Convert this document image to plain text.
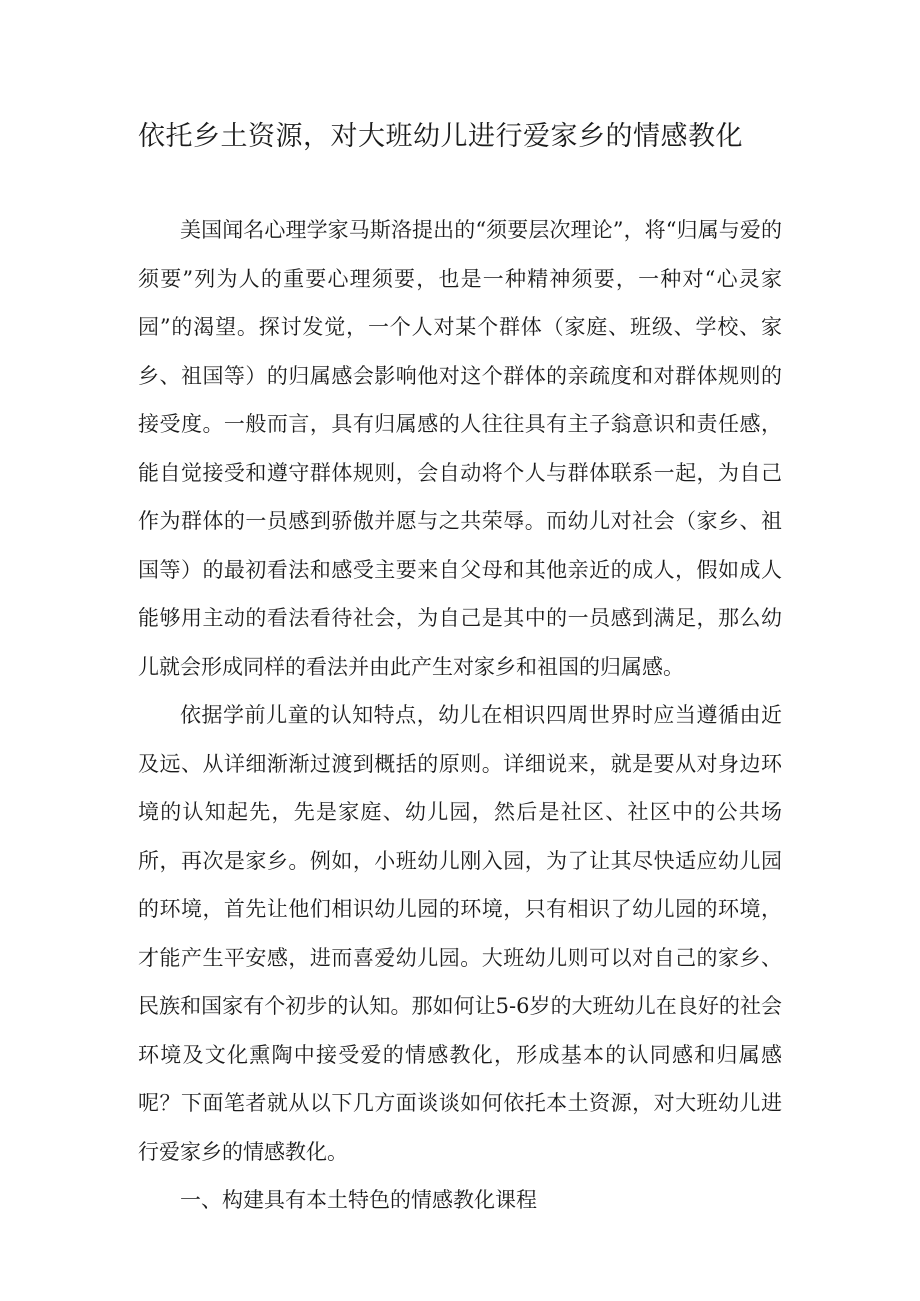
依托乡土资源，对大班幼儿进行爱家乡的情感教化

美国闻名心理学家马斯洛提出的“须要层次理论”，将“归属与爱的须要”列为人的重要心理须要，也是一种精神须要，一种对“心灵家园”的渴望。探讨发觉，一个人对某个群体（家庭、班级、学校、家乡、祖国等）的归属感会影响他对这个群体的亲疏度和对群体规则的接受度。一般而言，具有归属感的人往往具有主子翁意识和责任感，能自觉接受和遵守群体规则，会自动将个人与群体联系一起，为自己作为群体的一员感到骄傲并愿与之共荣辱。而幼儿对社会（家乡、祖国等）的最初看法和感受主要来自父母和其他亲近的成人，假如成人能够用主动的看法看待社会，为自己是其中的一员感到满足，那么幼儿就会形成同样的看法并由此产生对家乡和祖国的归属感。

依据学前儿童的认知特点，幼儿在相识四周世界时应当遵循由近及远、从详细渐渐过渡到概括的原则。详细说来，就是要从对身边环境的认知起先，先是家庭、幼儿园，然后是社区、社区中的公共场所，再次是家乡。例如，小班幼儿刚入园，为了让其尽快适应幼儿园的环境，首先让他们相识幼儿园的环境，只有相识了幼儿园的环境，才能产生平安感，进而喜爱幼儿园。大班幼儿则可以对自己的家乡、民族和国家有个初步的认知。那如何让5-6岁的大班幼儿在良好的社会环境及文化熏陶中接受爱的情感教化，形成基本的认同感和归属感呢？下面笔者就从以下几方面谈谈如何依托本土资源，对大班幼儿进行爱家乡的情感教化。

一、构建具有本土特色的情感教化课程
